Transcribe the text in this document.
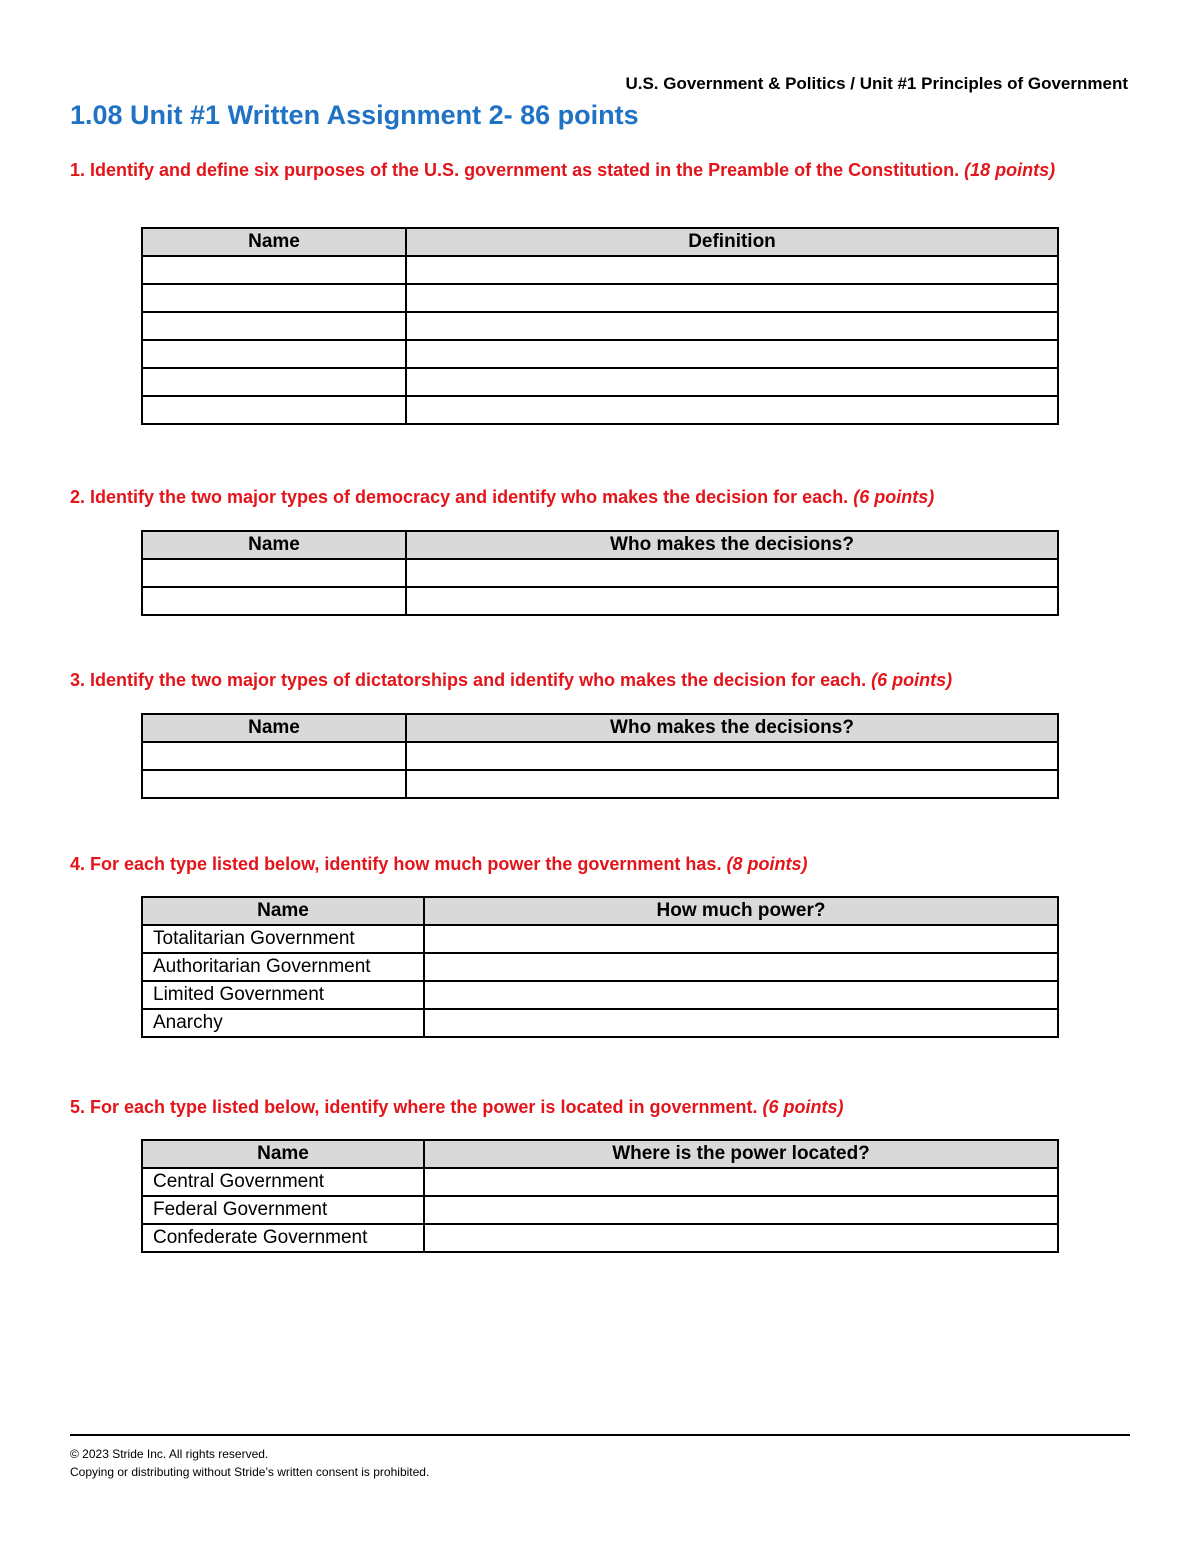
U.S. Government & Politics / Unit #1 Principles of Government
1.08 Unit #1 Written Assignment 2- 86 points

1. Identify and define six purposes of the U.S. government as stated in the Preamble of the Constitution. (18 points)

Name	Definition

2. Identify the two major types of democracy and identify who makes the decision for each. (6 points)

Name	Who makes the decisions?

3. Identify the two major types of dictatorships and identify who makes the decision for each. (6 points)

Name	Who makes the decisions?

4. For each type listed below, identify how much power the government has. (8 points)

Name	How much power?
Totalitarian Government	
Authoritarian Government	
Limited Government	
Anarchy	

5. For each type listed below, identify where the power is located in government. (6 points)

Name	Where is the power located?
Central Government	
Federal Government	
Confederate Government	
© 2023 Stride Inc. All rights reserved.
Copying or distributing without Stride’s written consent is prohibited.
